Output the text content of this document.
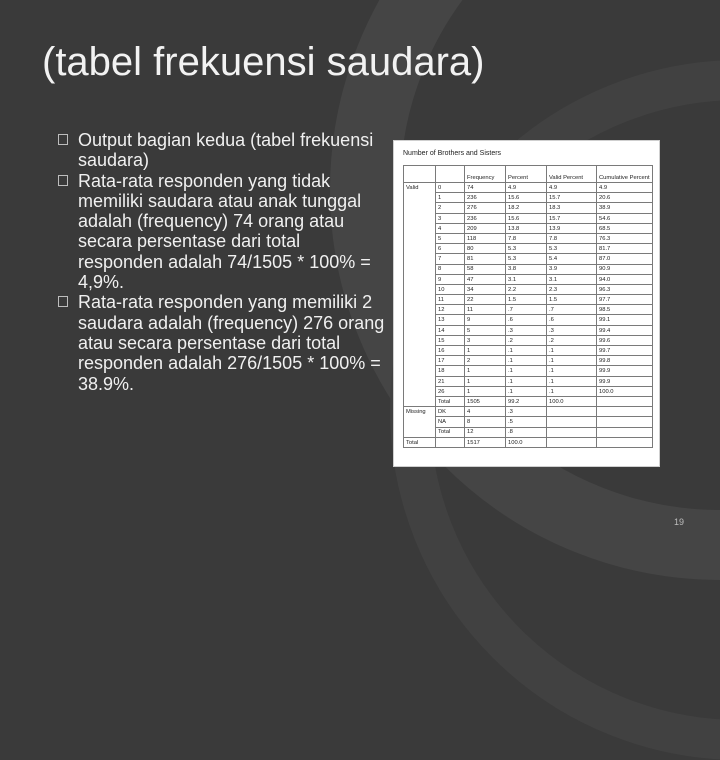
(tabel frekuensi saudara)
Output bagian kedua (tabel frekuensi saudara)
Rata-rata responden yang tidak memiliki saudara atau anak tunggal adalah (frequency) 74 orang atau secara persentase dari total responden adalah 74/1505 * 100% = 4,9%.
Rata-rata responden yang memiliki 2 saudara adalah (frequency) 276 orang atau secara persentase dari total responden adalah 276/1505 * 100% = 38.9%.
Number of Brothers and Sisters
		Frequency	Percent	Valid Percent	Cumulative Percent
Valid	0	74	4.9	4.9	4.9
	1	236	15.6	15.7	20.6
	2	276	18.2	18.3	38.9
	3	236	15.6	15.7	54.6
	4	209	13.8	13.9	68.5
	5	118	7.8	7.8	76.3
	6	80	5.3	5.3	81.7
	7	81	5.3	5.4	87.0
	8	58	3.8	3.9	90.9
	9	47	3.1	3.1	94.0
	10	34	2.2	2.3	96.3
	11	22	1.5	1.5	97.7
	12	11	.7	.7	98.5
	13	9	.6	.6	99.1
	14	5	.3	.3	99.4
	15	3	.2	.2	99.6
	16	1	.1	.1	99.7
	17	2	.1	.1	99.8
	18	1	.1	.1	99.9
	21	1	.1	.1	99.9
	26	1	.1	.1	100.0
	Total	1505	99.2	100.0	
Missing	DK	4	.3		
	NA	8	.5		
	Total	12	.8		
Total		1517	100.0		
19
